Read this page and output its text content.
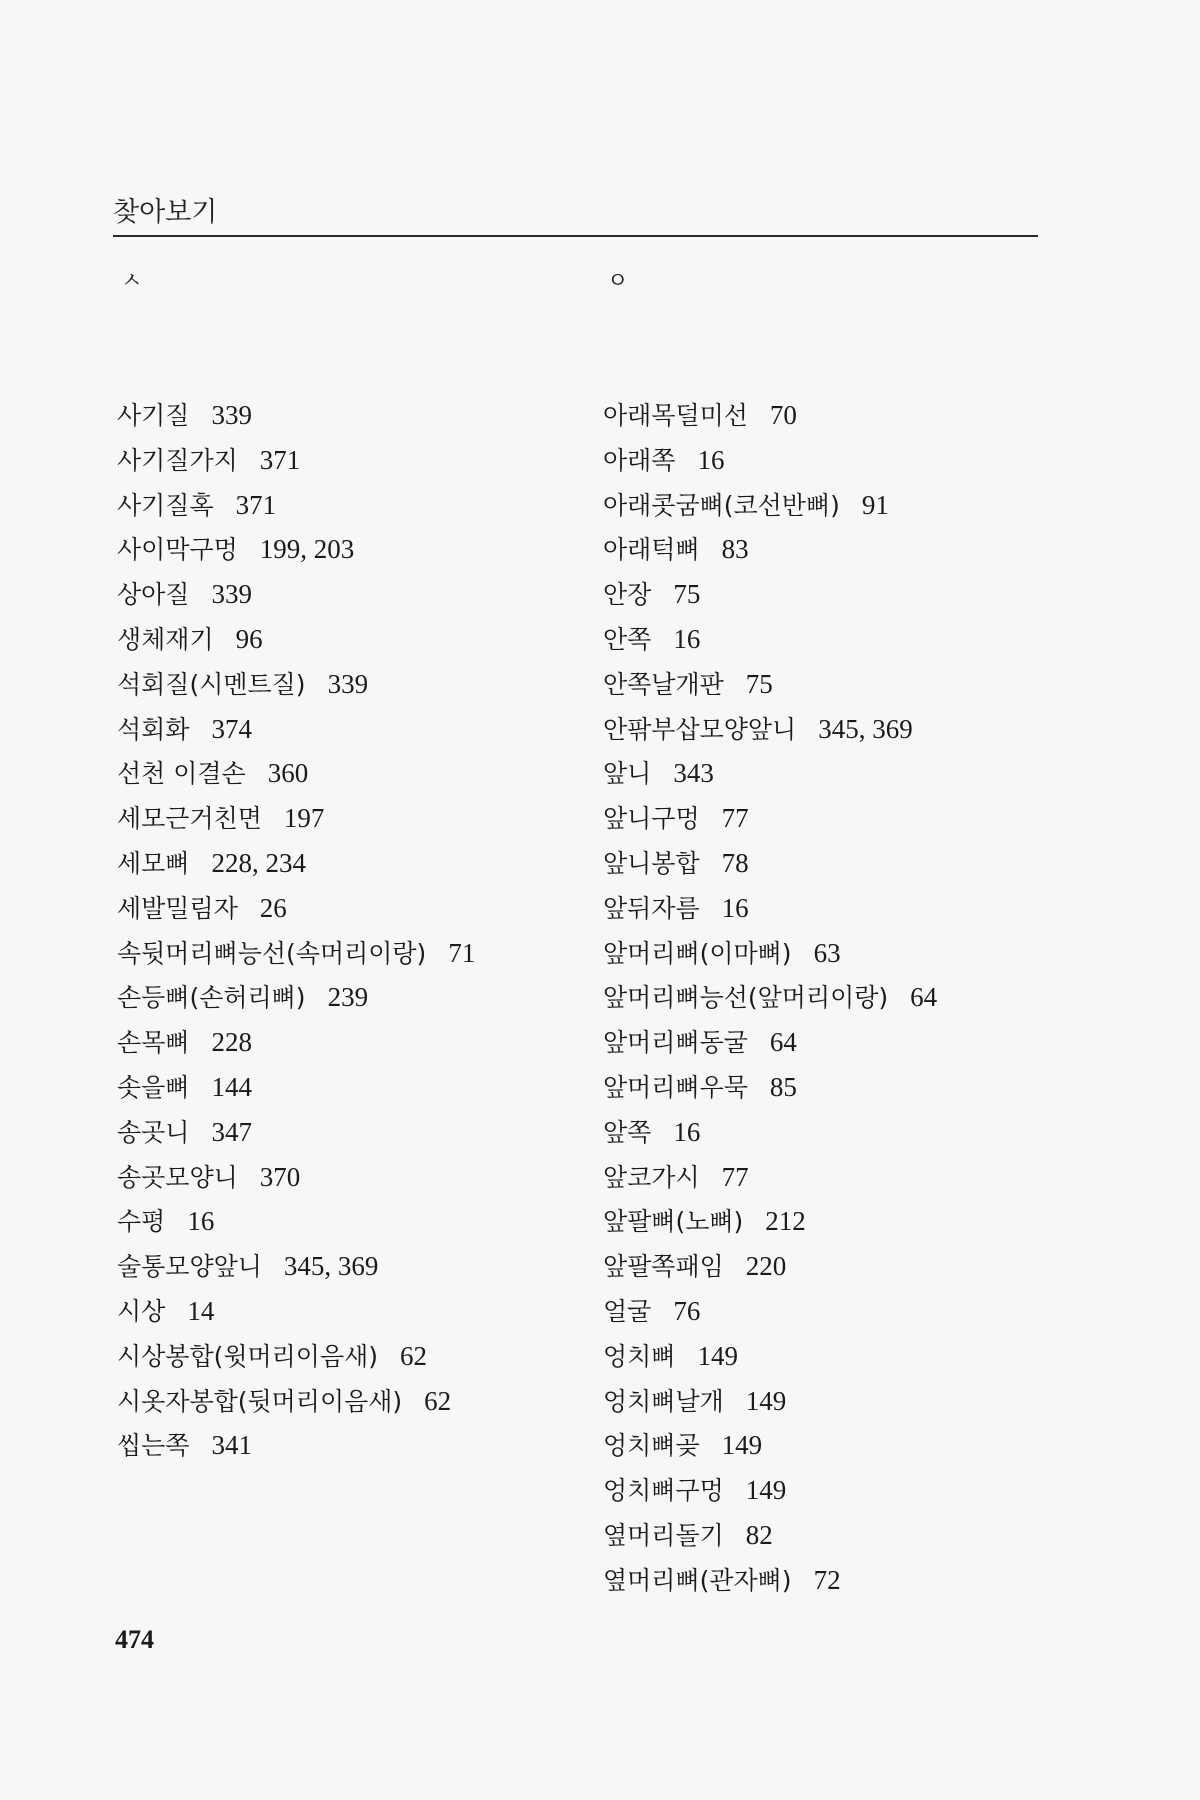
찾아보기
ㅅ
사기질 339
사기질가지 371
사기질혹 371
사이막구멍 199, 203
상아질 339
생체재기 96
석회질(시멘트질) 339
석회화 374
선천 이결손 360
세모근거친면 197
세모뼈 228, 234
세발밀림자 26
속뒷머리뼈능선(속머리이랑) 71
손등뼈(손허리뼈) 239
손목뼈 228
솟을뼈 144
송곳니 347
송곳모양니 370
수평 16
술통모양앞니 345, 369
시상 14
시상봉합(윗머리이음새) 62
시옷자봉합(뒷머리이음새) 62
씹는쪽 341
ㅇ
아래목덜미선 70
아래쪽 16
아래콧굼뼈(코선반뼈) 91
아래턱뼈 83
안장 75
안쪽 16
안쪽날개판 75
안팎부삽모양앞니 345, 369
앞니 343
앞니구멍 77
앞니봉합 78
앞뒤자름 16
앞머리뼈(이마뼈) 63
앞머리뼈능선(앞머리이랑) 64
앞머리뼈동굴 64
앞머리뼈우묵 85
앞쪽 16
앞코가시 77
앞팔뼈(노뼈) 212
앞팔쪽패임 220
얼굴 76
엉치뼈 149
엉치뼈날개 149
엉치뼈곶 149
엉치뼈구멍 149
옆머리돌기 82
옆머리뼈(관자뼈) 72
474
